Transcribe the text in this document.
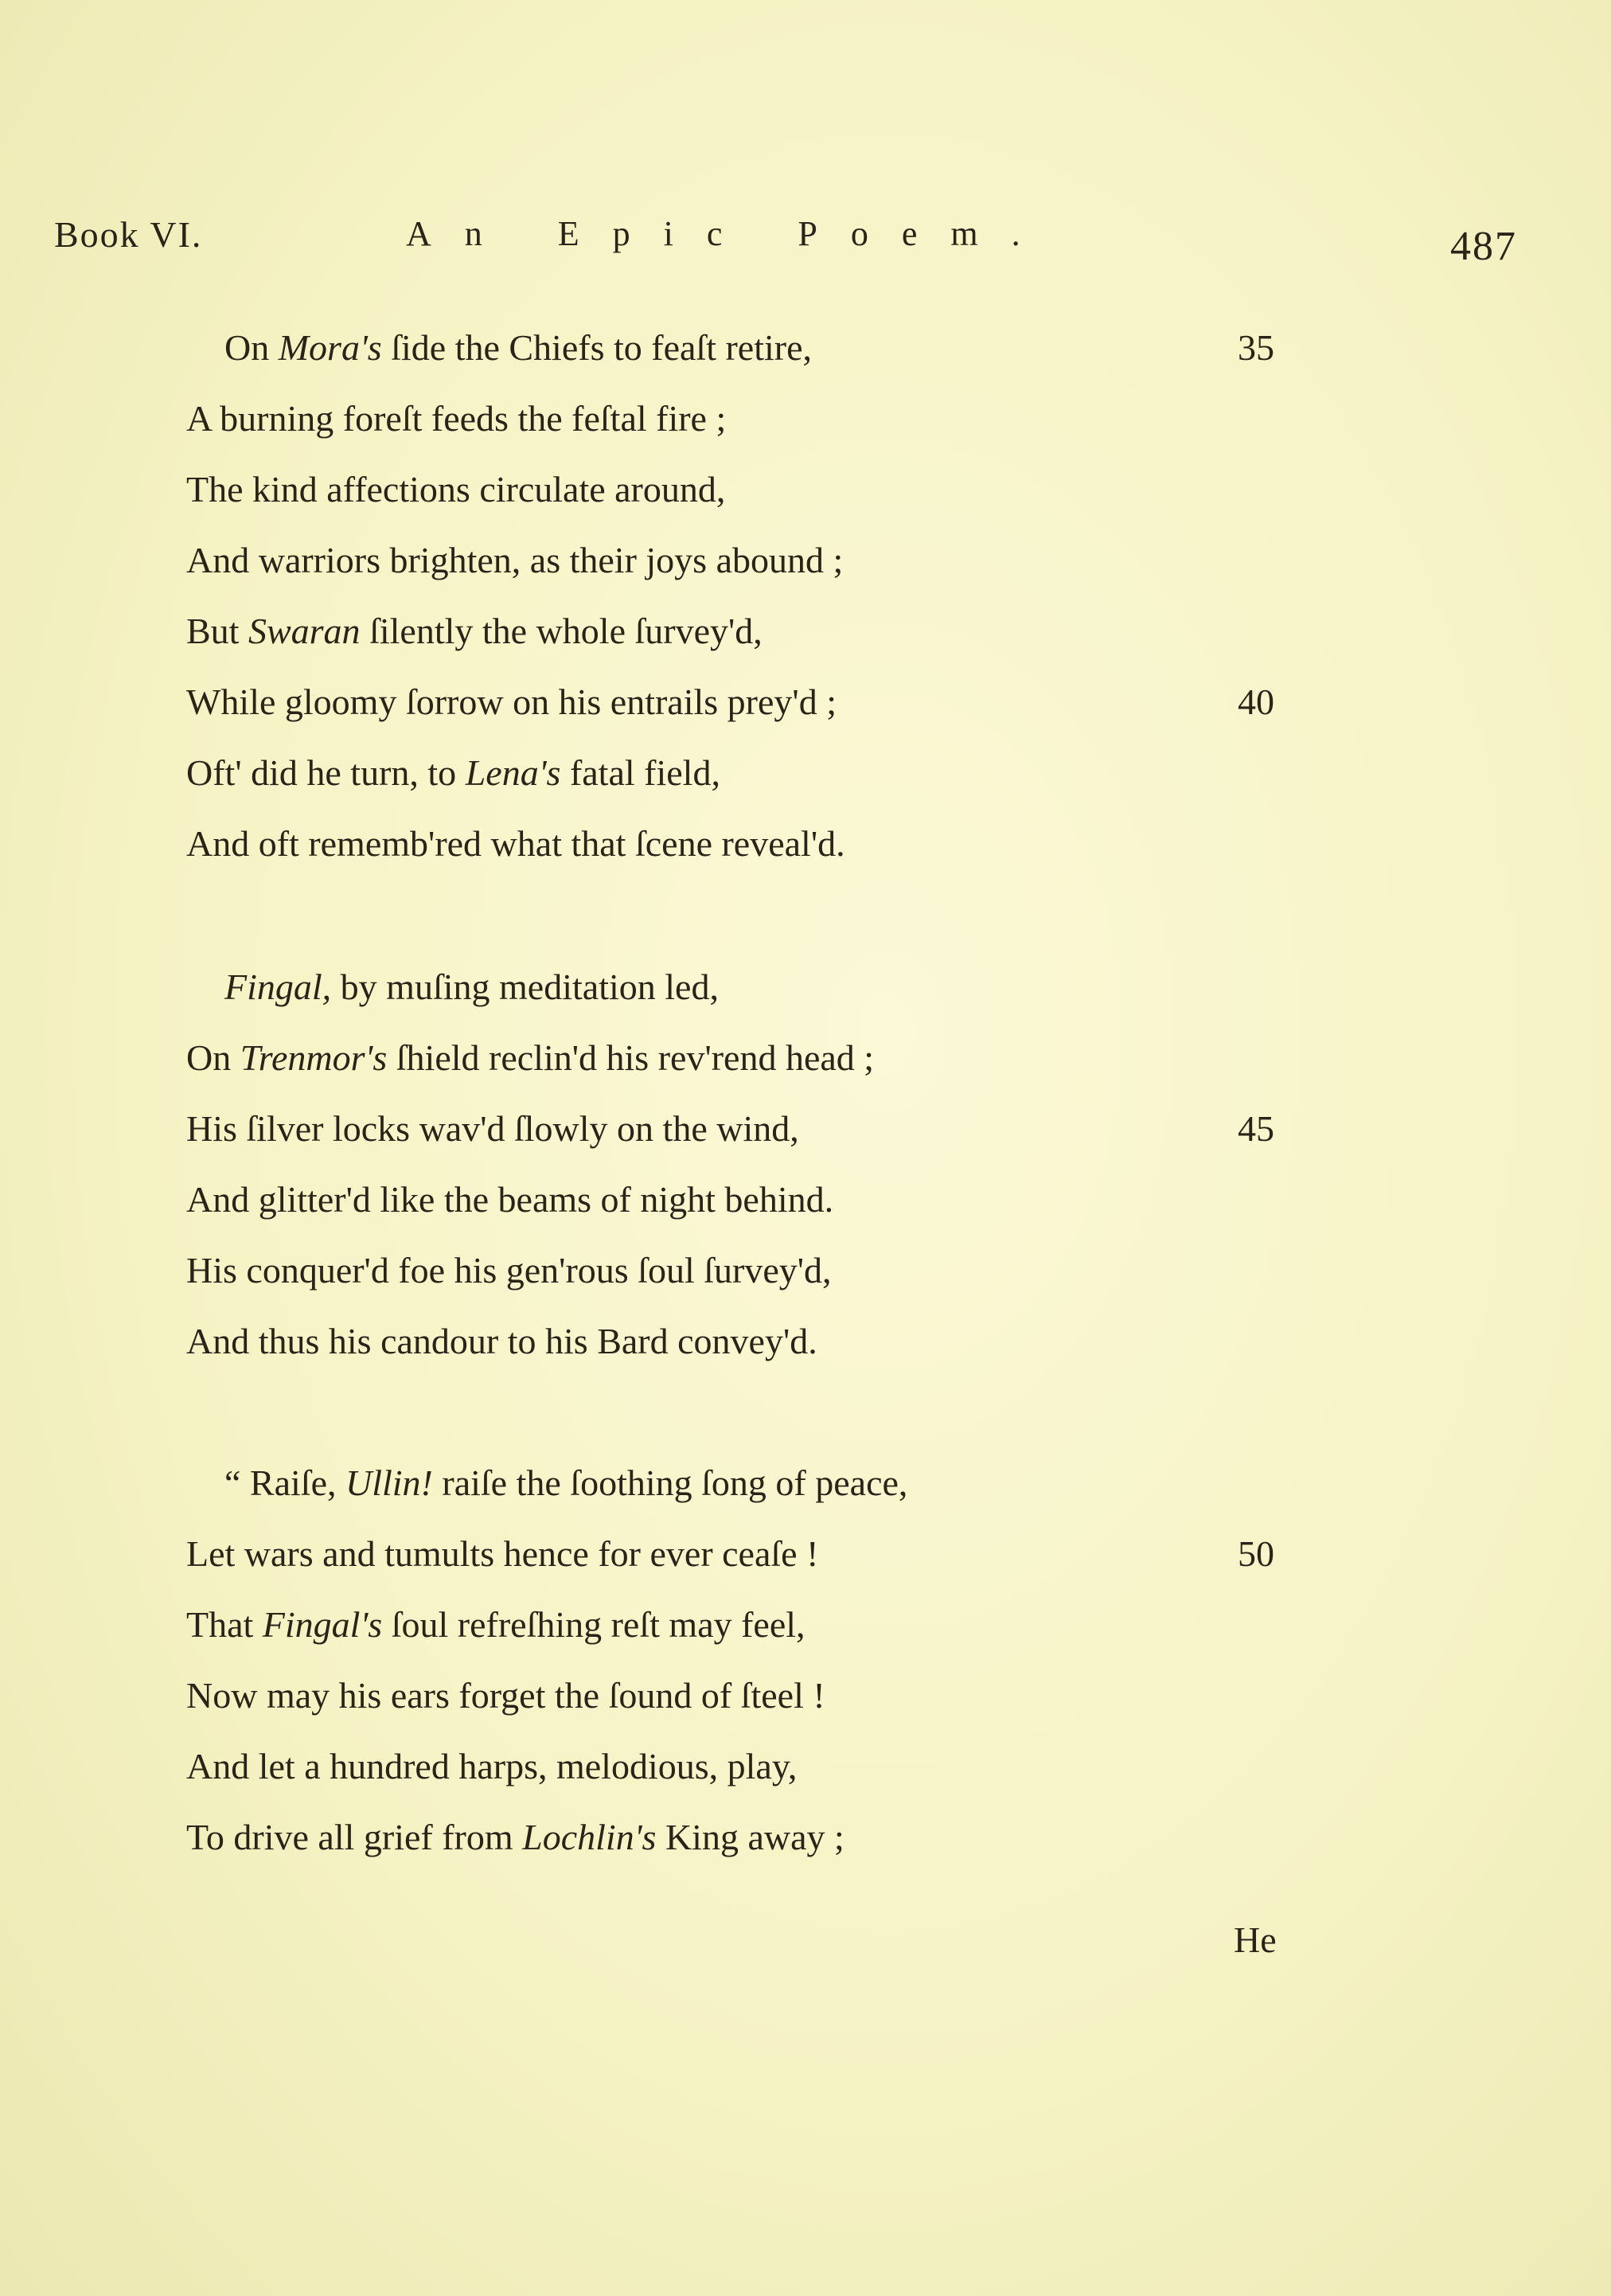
Book VI.	An Epic Poem.	487
35
40
On Mora's ſide the Chiefs to feaſt retire,
A burning foreſt feeds the feſtal fire ;
The kind affections circulate around,
And warriors brighten, as their joys abound ;
But Swaran ſilently the whole ſurvey'd,
While gloomy ſorrow on his entrails prey'd ;
Oft' did he turn, to Lena's fatal field,
And oft rememb'red what that ſcene reveal'd.
45
Fingal, by muſing meditation led,
On Trenmor's ſhield reclin'd his rev'rend head ;
His ſilver locks wav'd ſlowly on the wind,
And glitter'd like the beams of night behind.
His conquer'd foe his gen'rous ſoul ſurvey'd,
And thus his candour to his Bard convey'd.
50
“ Raiſe, Ullin! raiſe the ſoothing ſong of peace,
Let wars and tumults hence for ever ceaſe !
That Fingal's ſoul refreſhing reſt may feel,
Now may his ears forget the ſound of ſteel !
And let a hundred harps, melodious, play,
To drive all grief from Lochlin's King away ;
He
